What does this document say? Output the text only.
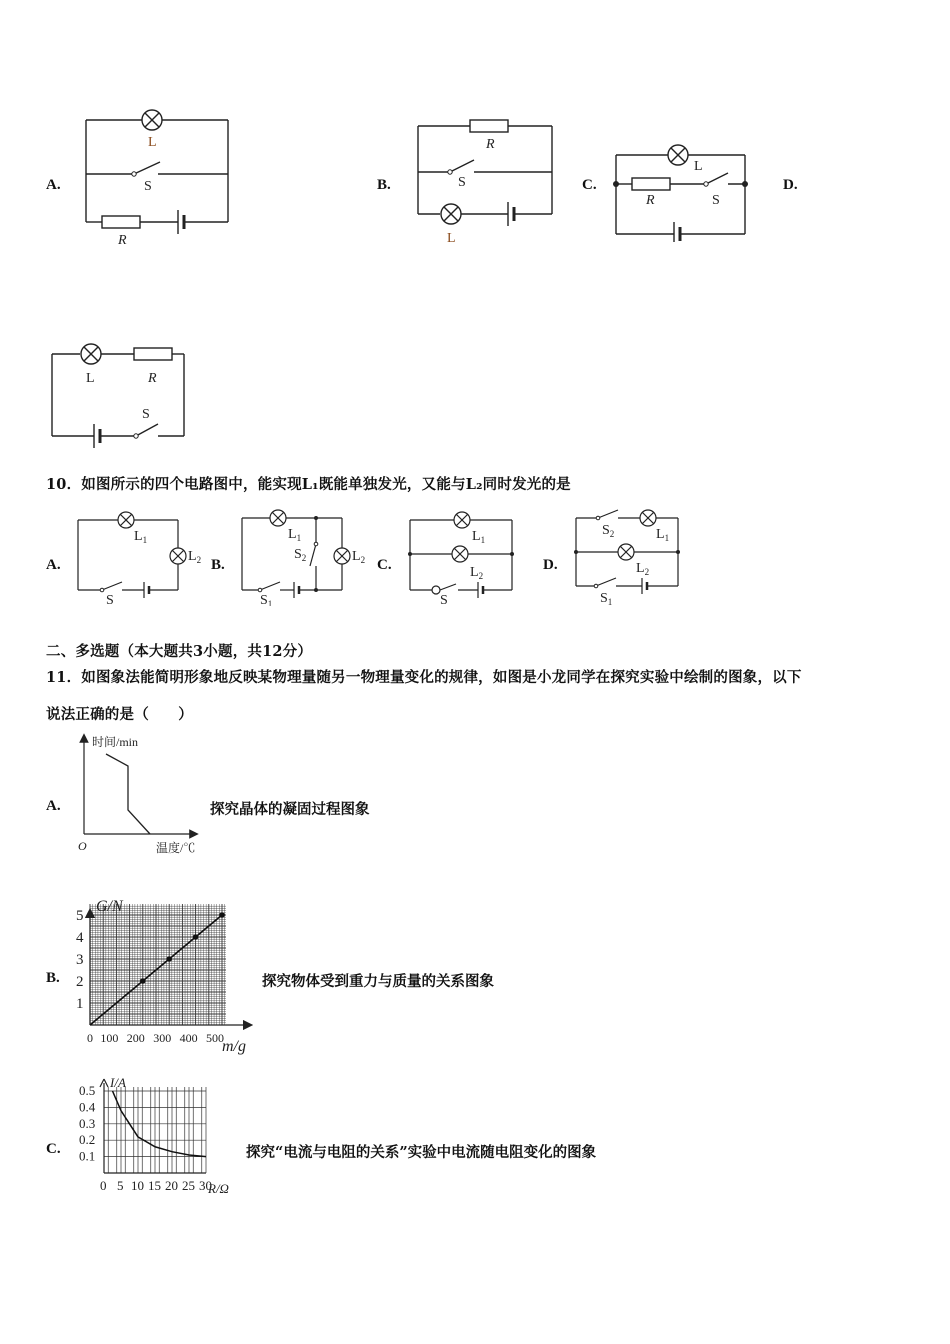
A.
L
S
R
B.
R
S
L
C.
L
R	S
D.
L	R
S
10．如图所示的四个电路图中，能实现L₁既能单独发光，又能与L₂同时发光的是
A.
$L_1$
$L_2$
S
B.
$L_1$
$L_2$
$S_2$
$S_1$
C.
$L_1$
$L_2$
S
D.
$S_2$	$L_1$
$L_2$
$S_1$
二、多选题（本大题共3小题，共12分）
11．如图象法能简明形象地反映某物理量随另一物理量变化的规律，如图是小龙同学在探究实验中绘制的图象，以下
说法正确的是（　　）
A.
时间/min
温度/℃
O
探究晶体的凝固过程图象
B.
0 100 200 300 400 500
1
2
3
4
5
G/N
m/g
探究物体受到重力与质量的关系图象
C.
0 5 10 15 20 25 30
0.1
0.2
0.3
0.4
0.5
I/A
R/Ω
探究“电流与电阻的关系”实验中电流随电阻变化的图象
